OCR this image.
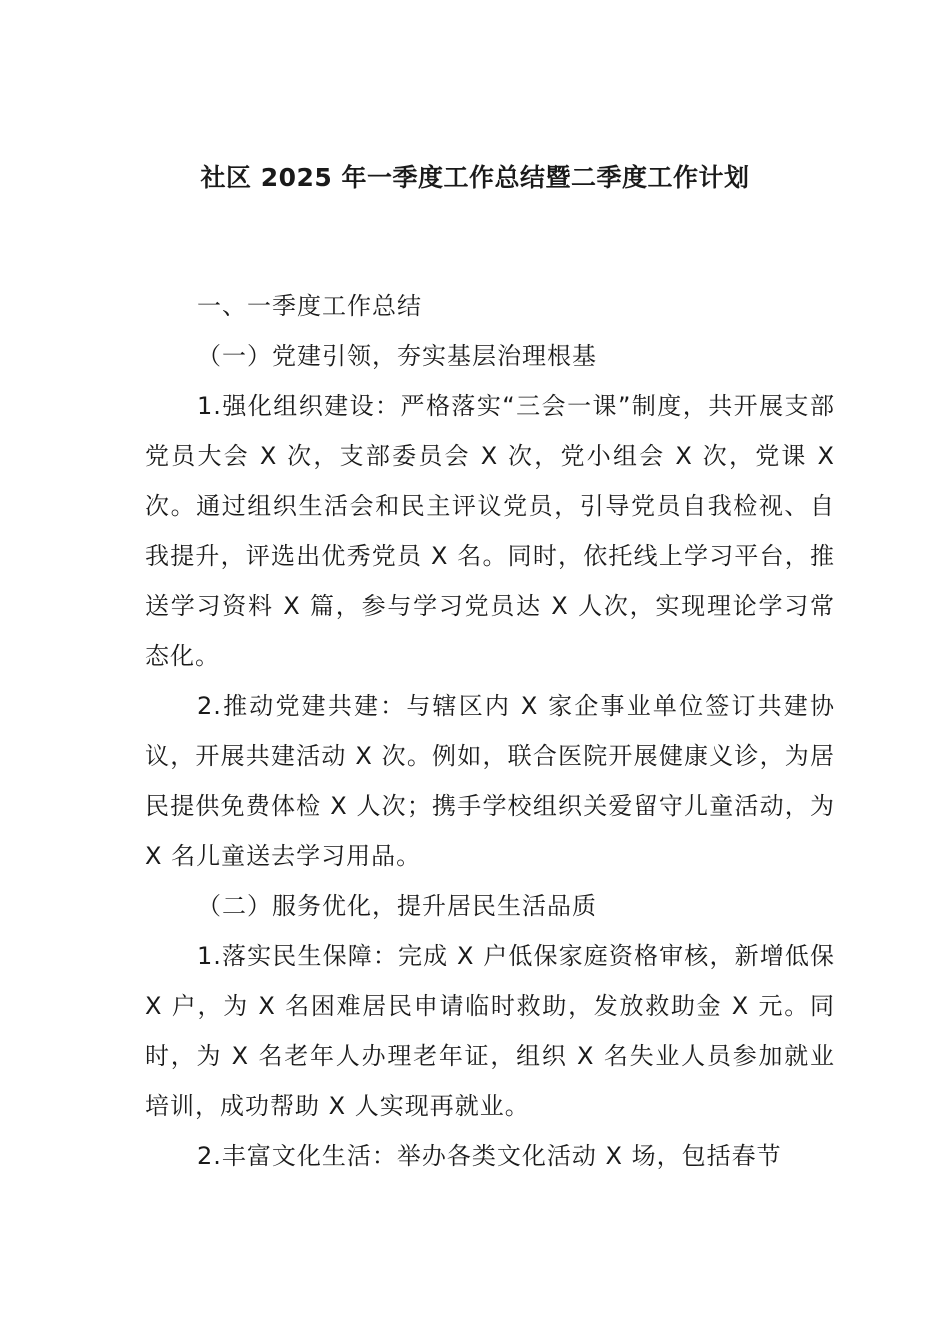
社区 2025 年一季度工作总结暨二季度工作计划

一、一季度工作总结

（一）党建引领，夯实基层治理根基

1.强化组织建设：严格落实“三会一课”制度，共开展支部党员大会 X 次，支部委员会 X 次，党小组会 X 次，党课 X 次。通过组织生活会和民主评议党员，引导党员自我检视、自我提升，评选出优秀党员 X 名。同时，依托线上学习平台，推送学习资料 X 篇，参与学习党员达 X 人次，实现理论学习常态化。

2.推动党建共建：与辖区内 X 家企事业单位签订共建协议，开展共建活动 X 次。例如，联合医院开展健康义诊，为居民提供免费体检 X 人次；携手学校组织关爱留守儿童活动，为 X 名儿童送去学习用品。

（二）服务优化，提升居民生活品质

1.落实民生保障：完成 X 户低保家庭资格审核，新增低保 X 户，为 X 名困难居民申请临时救助，发放救助金 X 元。同时，为 X 名老年人办理老年证，组织 X 名失业人员参加就业培训，成功帮助 X 人实现再就业。

2.丰富文化生活：举办各类文化活动 X 场，包括春节
